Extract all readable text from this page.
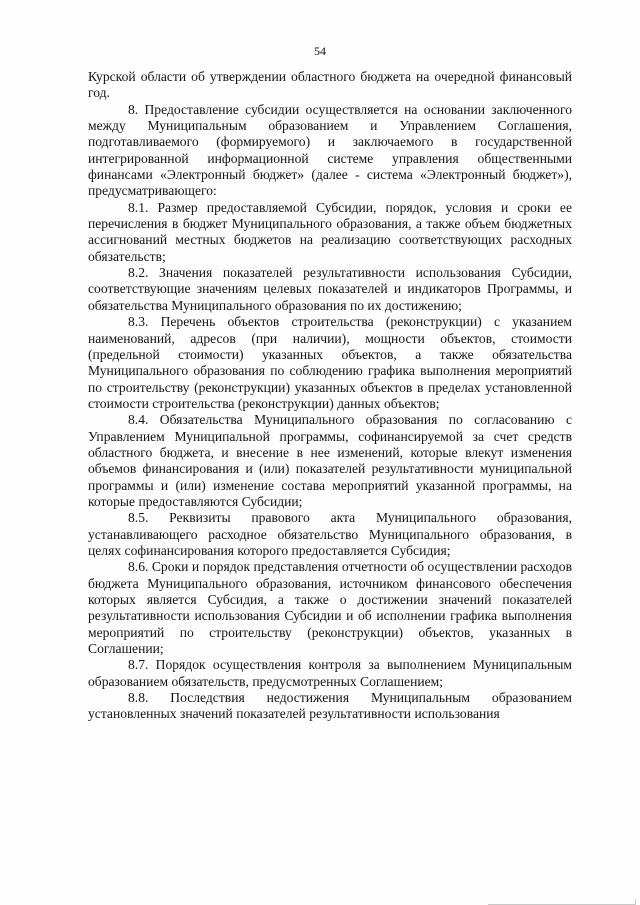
54

Курской области об утверждении областного бюджета на очередной финансовый год.

8. Предоставление субсидии осуществляется на основании заключенного между Муниципальным образованием и Управлением Соглашения, подготавливаемого (формируемого) и заключаемого в государственной интегрированной информационной системе управления общественными финансами «Электронный бюджет» (далее - система «Электронный бюджет»), предусматривающего:

8.1. Размер предоставляемой Субсидии, порядок, условия и сроки ее перечисления в бюджет Муниципального образования, а также объем бюджетных ассигнований местных бюджетов на реализацию соответствующих расходных обязательств;

8.2. Значения показателей результативности использования Субсидии, соответствующие значениям целевых показателей и индикаторов Программы, и обязательства Муниципального образования по их достижению;

8.3. Перечень объектов строительства (реконструкции) с указанием наименований, адресов (при наличии), мощности объектов, стоимости (предельной стоимости) указанных объектов, а также обязательства Муниципального образования по соблюдению графика выполнения мероприятий по строительству (реконструкции) указанных объектов в пределах установленной стоимости строительства (реконструкции) данных объектов;

8.4. Обязательства Муниципального образования по согласованию с Управлением Муниципальной программы, софинансируемой за счет средств областного бюджета, и внесение в нее изменений, которые влекут изменения объемов финансирования и (или) показателей результативности муниципальной программы и (или) изменение состава мероприятий указанной программы, на которые предоставляются Субсидии;

8.5. Реквизиты правового акта Муниципального образования, устанавливающего расходное обязательство Муниципального образования, в целях софинансирования которого предоставляется Субсидия;

8.6. Сроки и порядок представления отчетности об осуществлении расходов бюджета Муниципального образования, источником финансового обеспечения которых является Субсидия, а также о достижении значений показателей результативности использования Субсидии и об исполнении графика выполнения мероприятий по строительству (реконструкции) объектов, указанных в Соглашении;

8.7. Порядок осуществления контроля за выполнением Муниципальным образованием обязательств, предусмотренных Соглашением;

8.8. Последствия недостижения Муниципальным образованием установленных значений показателей результативности использования
